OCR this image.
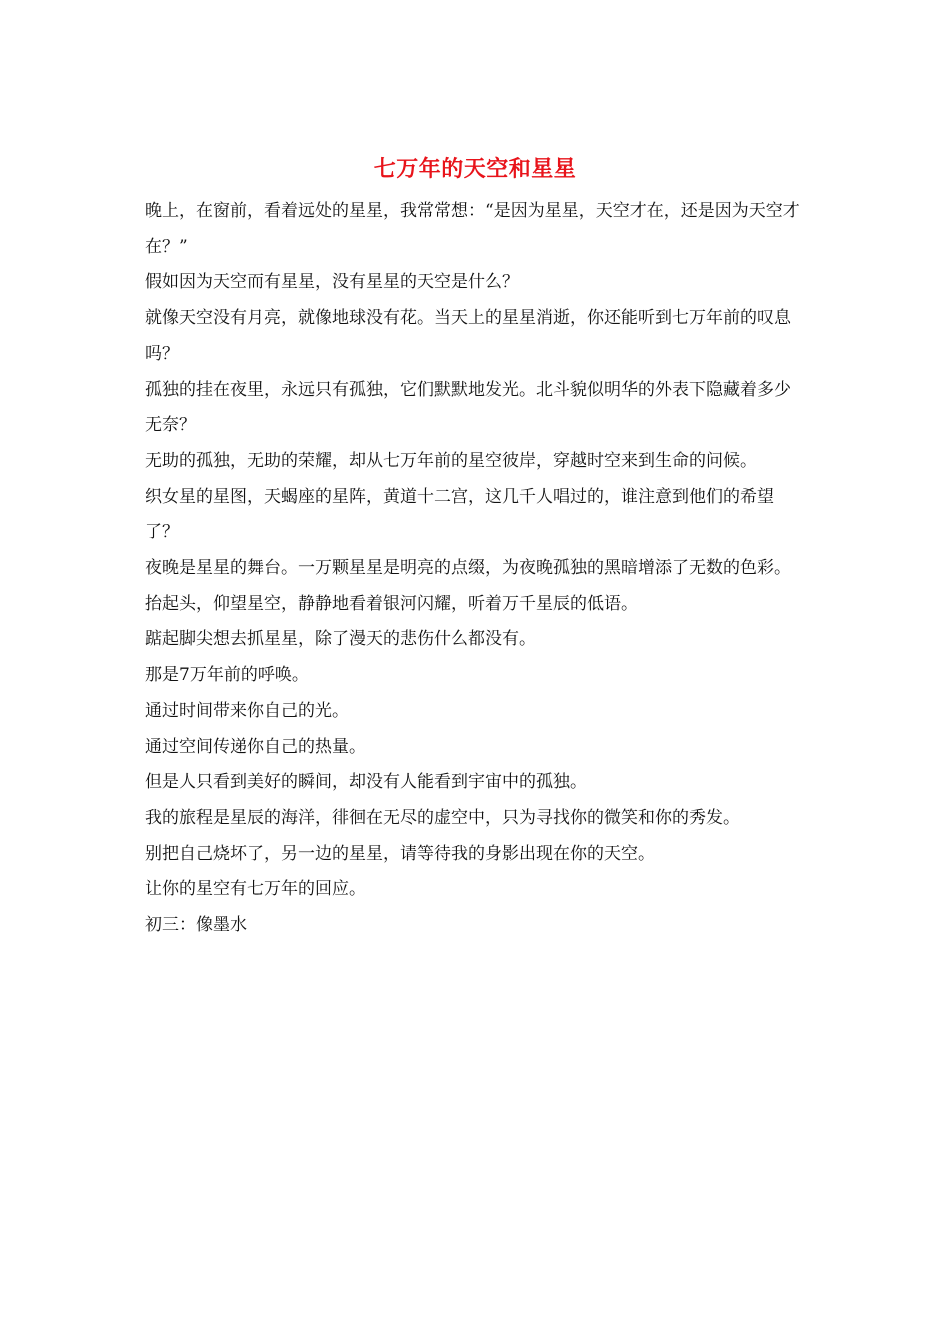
七万年的天空和星星

晚上，在窗前，看着远处的星星，我常常想：“是因为星星，天空才在，还是因为天空才在？”

假如因为天空而有星星，没有星星的天空是什么？

就像天空没有月亮，就像地球没有花。当天上的星星消逝，你还能听到七万年前的叹息吗？

孤独的挂在夜里，永远只有孤独，它们默默地发光。北斗貌似明华的外表下隐藏着多少无奈？

无助的孤独，无助的荣耀，却从七万年前的星空彼岸，穿越时空来到生命的问候。

织女星的星图，天蝎座的星阵，黄道十二宫，这几千人唱过的，谁注意到他们的希望了？

夜晚是星星的舞台。一万颗星星是明亮的点缀，为夜晚孤独的黑暗增添了无数的色彩。

抬起头，仰望星空，静静地看着银河闪耀，听着万千星辰的低语。

踮起脚尖想去抓星星，除了漫天的悲伤什么都没有。

那是7万年前的呼唤。

通过时间带来你自己的光。

通过空间传递你自己的热量。

但是人只看到美好的瞬间，却没有人能看到宇宙中的孤独。

我的旅程是星辰的海洋，徘徊在无尽的虚空中，只为寻找你的微笑和你的秀发。

别把自己烧坏了，另一边的星星，请等待我的身影出现在你的天空。

让你的星空有七万年的回应。

初三：像墨水
